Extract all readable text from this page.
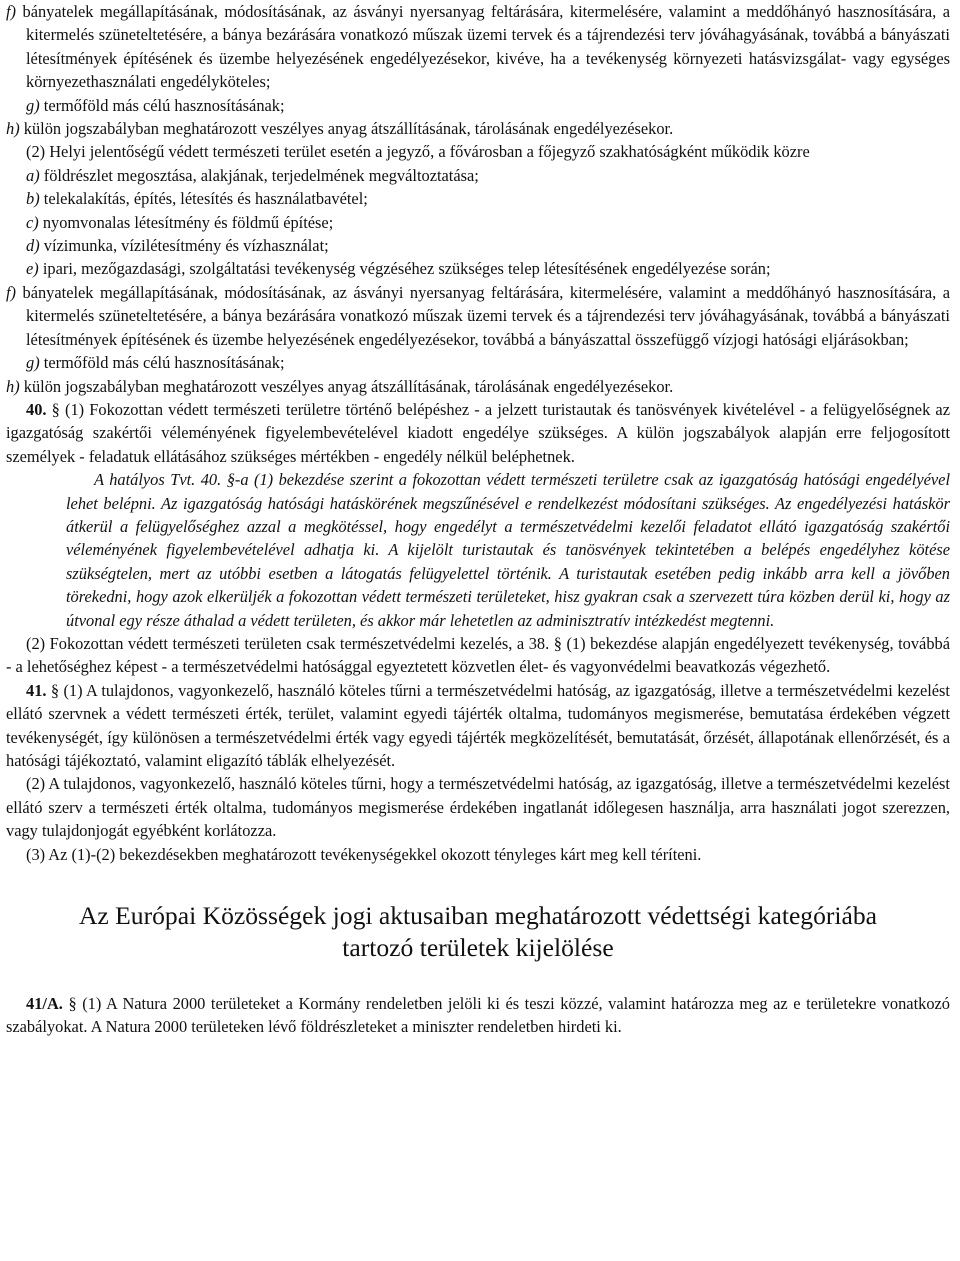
f) bányatelek megállapításának, módosításának, az ásványi nyersanyag feltárására, kitermelésére, valamint a meddőhányó hasznosítására, a kitermelés szüneteltetésére, a bánya bezárására vonatkozó műszak üzemi tervek és a tájrendezési terv jóváhagyásának, továbbá a bányászati létesítmények építésének és üzembe helyezésének engedélyezésekor, kivéve, ha a tevékenység környezeti hatásvizsgálat- vagy egységes környezethasználati engedélyköteles;

g) termőföld más célú hasznosításának;

h) külön jogszabályban meghatározott veszélyes anyag átszállításának, tárolásának engedélyezésekor.

(2) Helyi jelentőségű védett természeti terület esetén a jegyző, a fővárosban a főjegyző szakhatóságként működik közre

a) földrészlet megosztása, alakjának, terjedelmének megváltoztatása;

b) telekalakítás, építés, létesítés és használatbavétel;

c) nyomvonalas létesítmény és földmű építése;

d) vízimunka, vízilétesítmény és vízhasználat;

e) ipari, mezőgazdasági, szolgáltatási tevékenység végzéséhez szükséges telep létesítésének engedélyezése során;

f) bányatelek megállapításának, módosításának, az ásványi nyersanyag feltárására, kitermelésére, valamint a meddőhányó hasznosítására, a kitermelés szüneteltetésére, a bánya bezárására vonatkozó műszak üzemi tervek és a tájrendezési terv jóváhagyásának, továbbá a bányászati létesítmények építésének és üzembe helyezésének engedélyezésekor, továbbá a bányászattal összefüggő vízjogi hatósági eljárásokban;

g) termőföld más célú hasznosításának;

h) külön jogszabályban meghatározott veszélyes anyag átszállításának, tárolásának engedélyezésekor.

40. § (1) Fokozottan védett természeti területre történő belépéshez - a jelzett turistautak és tanösvények kivételével - a felügyelőségnek az igazgatóság szakértői véleményének figyelembevételével kiadott engedélye szükséges. A külön jogszabályok alapján erre feljogosított személyek - feladatuk ellátásához szükséges mértékben - engedély nélkül beléphetnek.

A hatályos Tvt. 40. §-a (1) bekezdése szerint a fokozottan védett természeti területre csak az igazgatóság hatósági engedélyével lehet belépni. Az igazgatóság hatósági hatáskörének megszűnésével e rendelkezést módosítani szükséges. Az engedélyezési hatáskör átkerül a felügyelőséghez azzal a megkötéssel, hogy engedélyt a természetvédelmi kezelői feladatot ellátó igazgatóság szakértői véleményének figyelembevételével adhatja ki. A kijelölt turistautak és tanösvények tekintetében a belépés engedélyhez kötése szükségtelen, mert az utóbbi esetben a látogatás felügyelettel történik. A turistautak esetében pedig inkább arra kell a jövőben törekedni, hogy azok elkerüljék a fokozottan védett természeti területeket, hisz gyakran csak a szervezett túra közben derül ki, hogy az útvonal egy része áthalad a védett területen, és akkor már lehetetlen az adminisztratív intézkedést megtenni.

(2) Fokozottan védett természeti területen csak természetvédelmi kezelés, a 38. § (1) bekezdése alapján engedélyezett tevékenység, továbbá - a lehetőséghez képest - a természetvédelmi hatósággal egyeztetett közvetlen élet- és vagyonvédelmi beavatkozás végezhető.

41. § (1) A tulajdonos, vagyonkezelő, használó köteles tűrni a természetvédelmi hatóság, az igazgatóság, illetve a természetvédelmi kezelést ellátó szervnek a védett természeti érték, terület, valamint egyedi tájérték oltalma, tudományos megismerése, bemutatása érdekében végzett tevékenységét, így különösen a természetvédelmi érték vagy egyedi tájérték megközelítését, bemutatását, őrzését, állapotának ellenőrzését, és a hatósági tájékoztató, valamint eligazító táblák elhelyezését.

(2) A tulajdonos, vagyonkezelő, használó köteles tűrni, hogy a természetvédelmi hatóság, az igazgatóság, illetve a természetvédelmi kezelést ellátó szerv a természeti érték oltalma, tudományos megismerése érdekében ingatlanát időlegesen használja, arra használati jogot szerezzen, vagy tulajdonjogát egyébként korlátozza.

(3) Az (1)-(2) bekezdésekben meghatározott tevékenységekkel okozott tényleges kárt meg kell téríteni.

Az Európai Közösségek jogi aktusaiban meghatározott védettségi kategóriába tartozó területek kijelölése

41/A. § (1) A Natura 2000 területeket a Kormány rendeletben jelöli ki és teszi közzé, valamint határozza meg az e területekre vonatkozó szabályokat. A Natura 2000 területeken lévő földrészleteket a miniszter rendeletben hirdeti ki.
